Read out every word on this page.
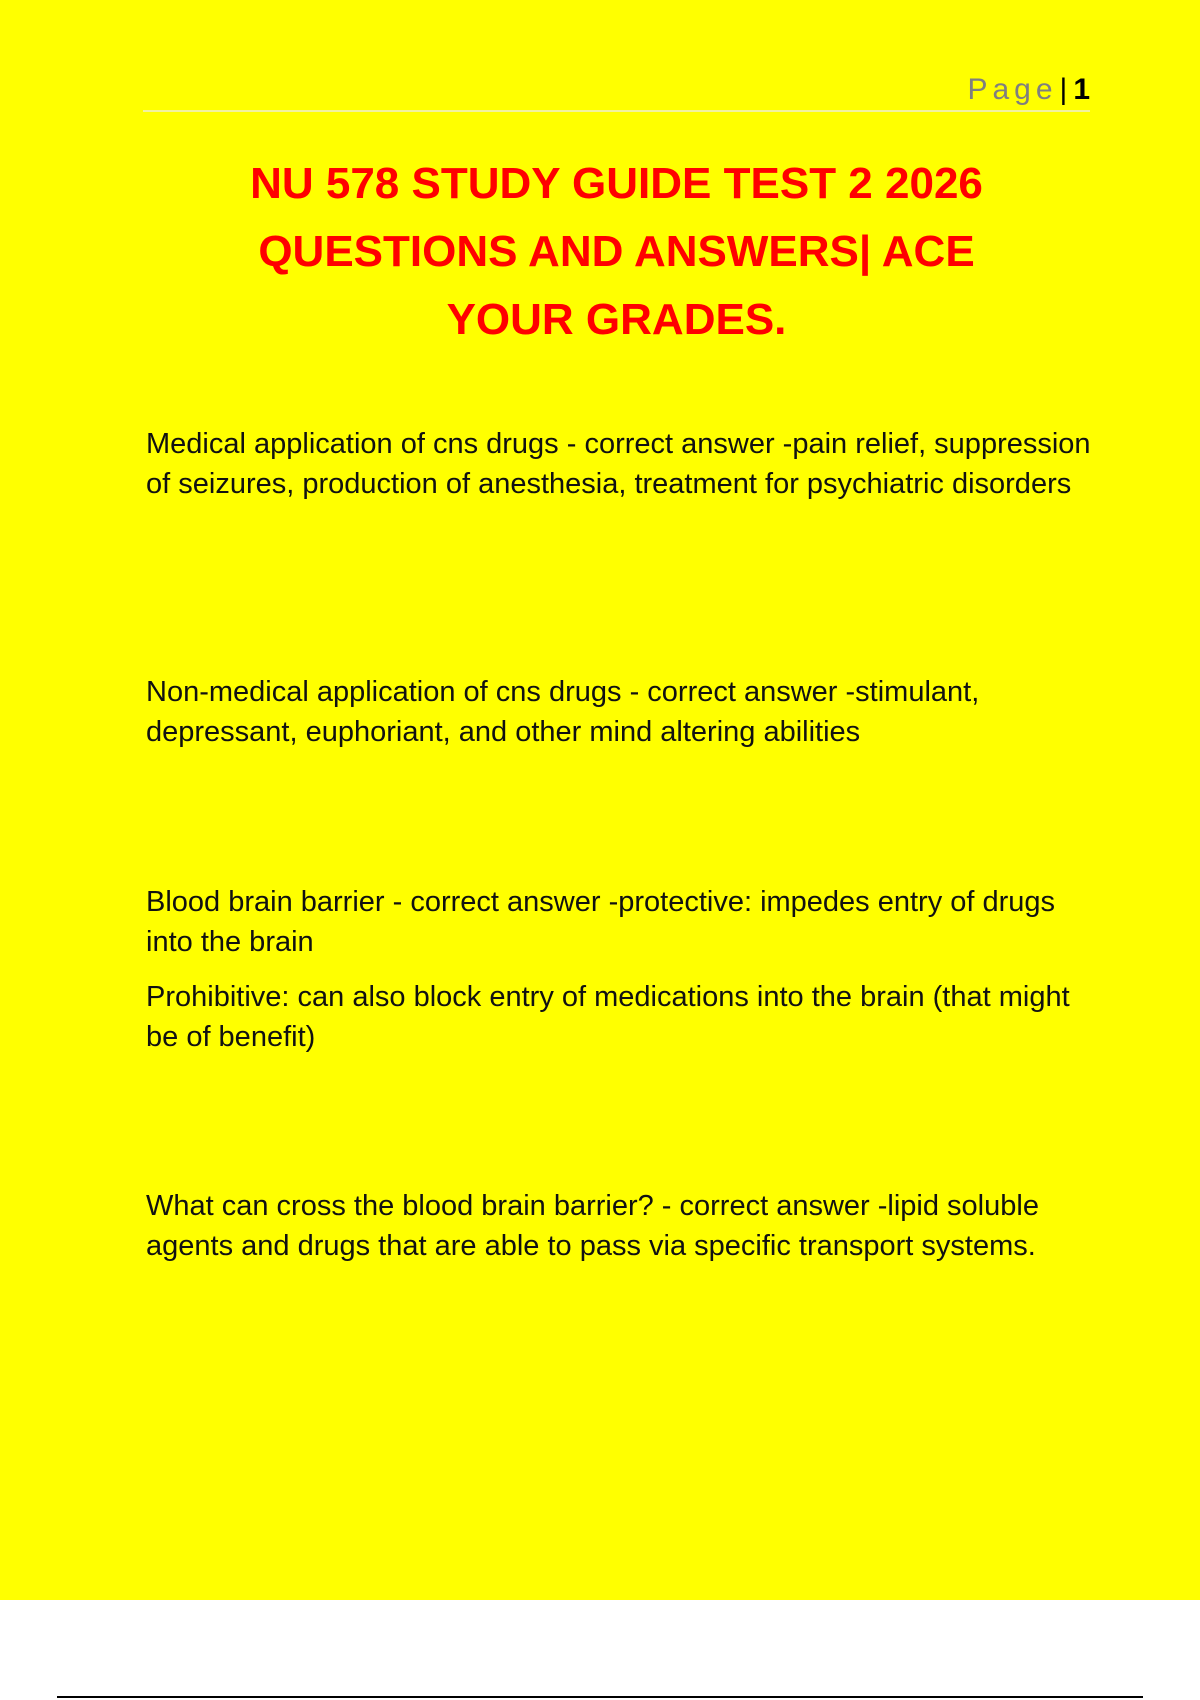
Page| 1
NU 578 STUDY GUIDE TEST 2 2026
QUESTIONS AND ANSWERS| ACE
YOUR GRADES.

Medical application of cns drugs - correct answer -pain relief, suppression of seizures, production of anesthesia, treatment for psychiatric disorders

Non-medical application of cns drugs - correct answer -stimulant, depressant, euphoriant, and other mind altering abilities

Blood brain barrier - correct answer -protective: impedes entry of drugs into the brain

Prohibitive: can also block entry of medications into the brain (that might be of benefit)

What can cross the blood brain barrier? - correct answer -lipid soluble agents and drugs that are able to pass via specific transport systems.
